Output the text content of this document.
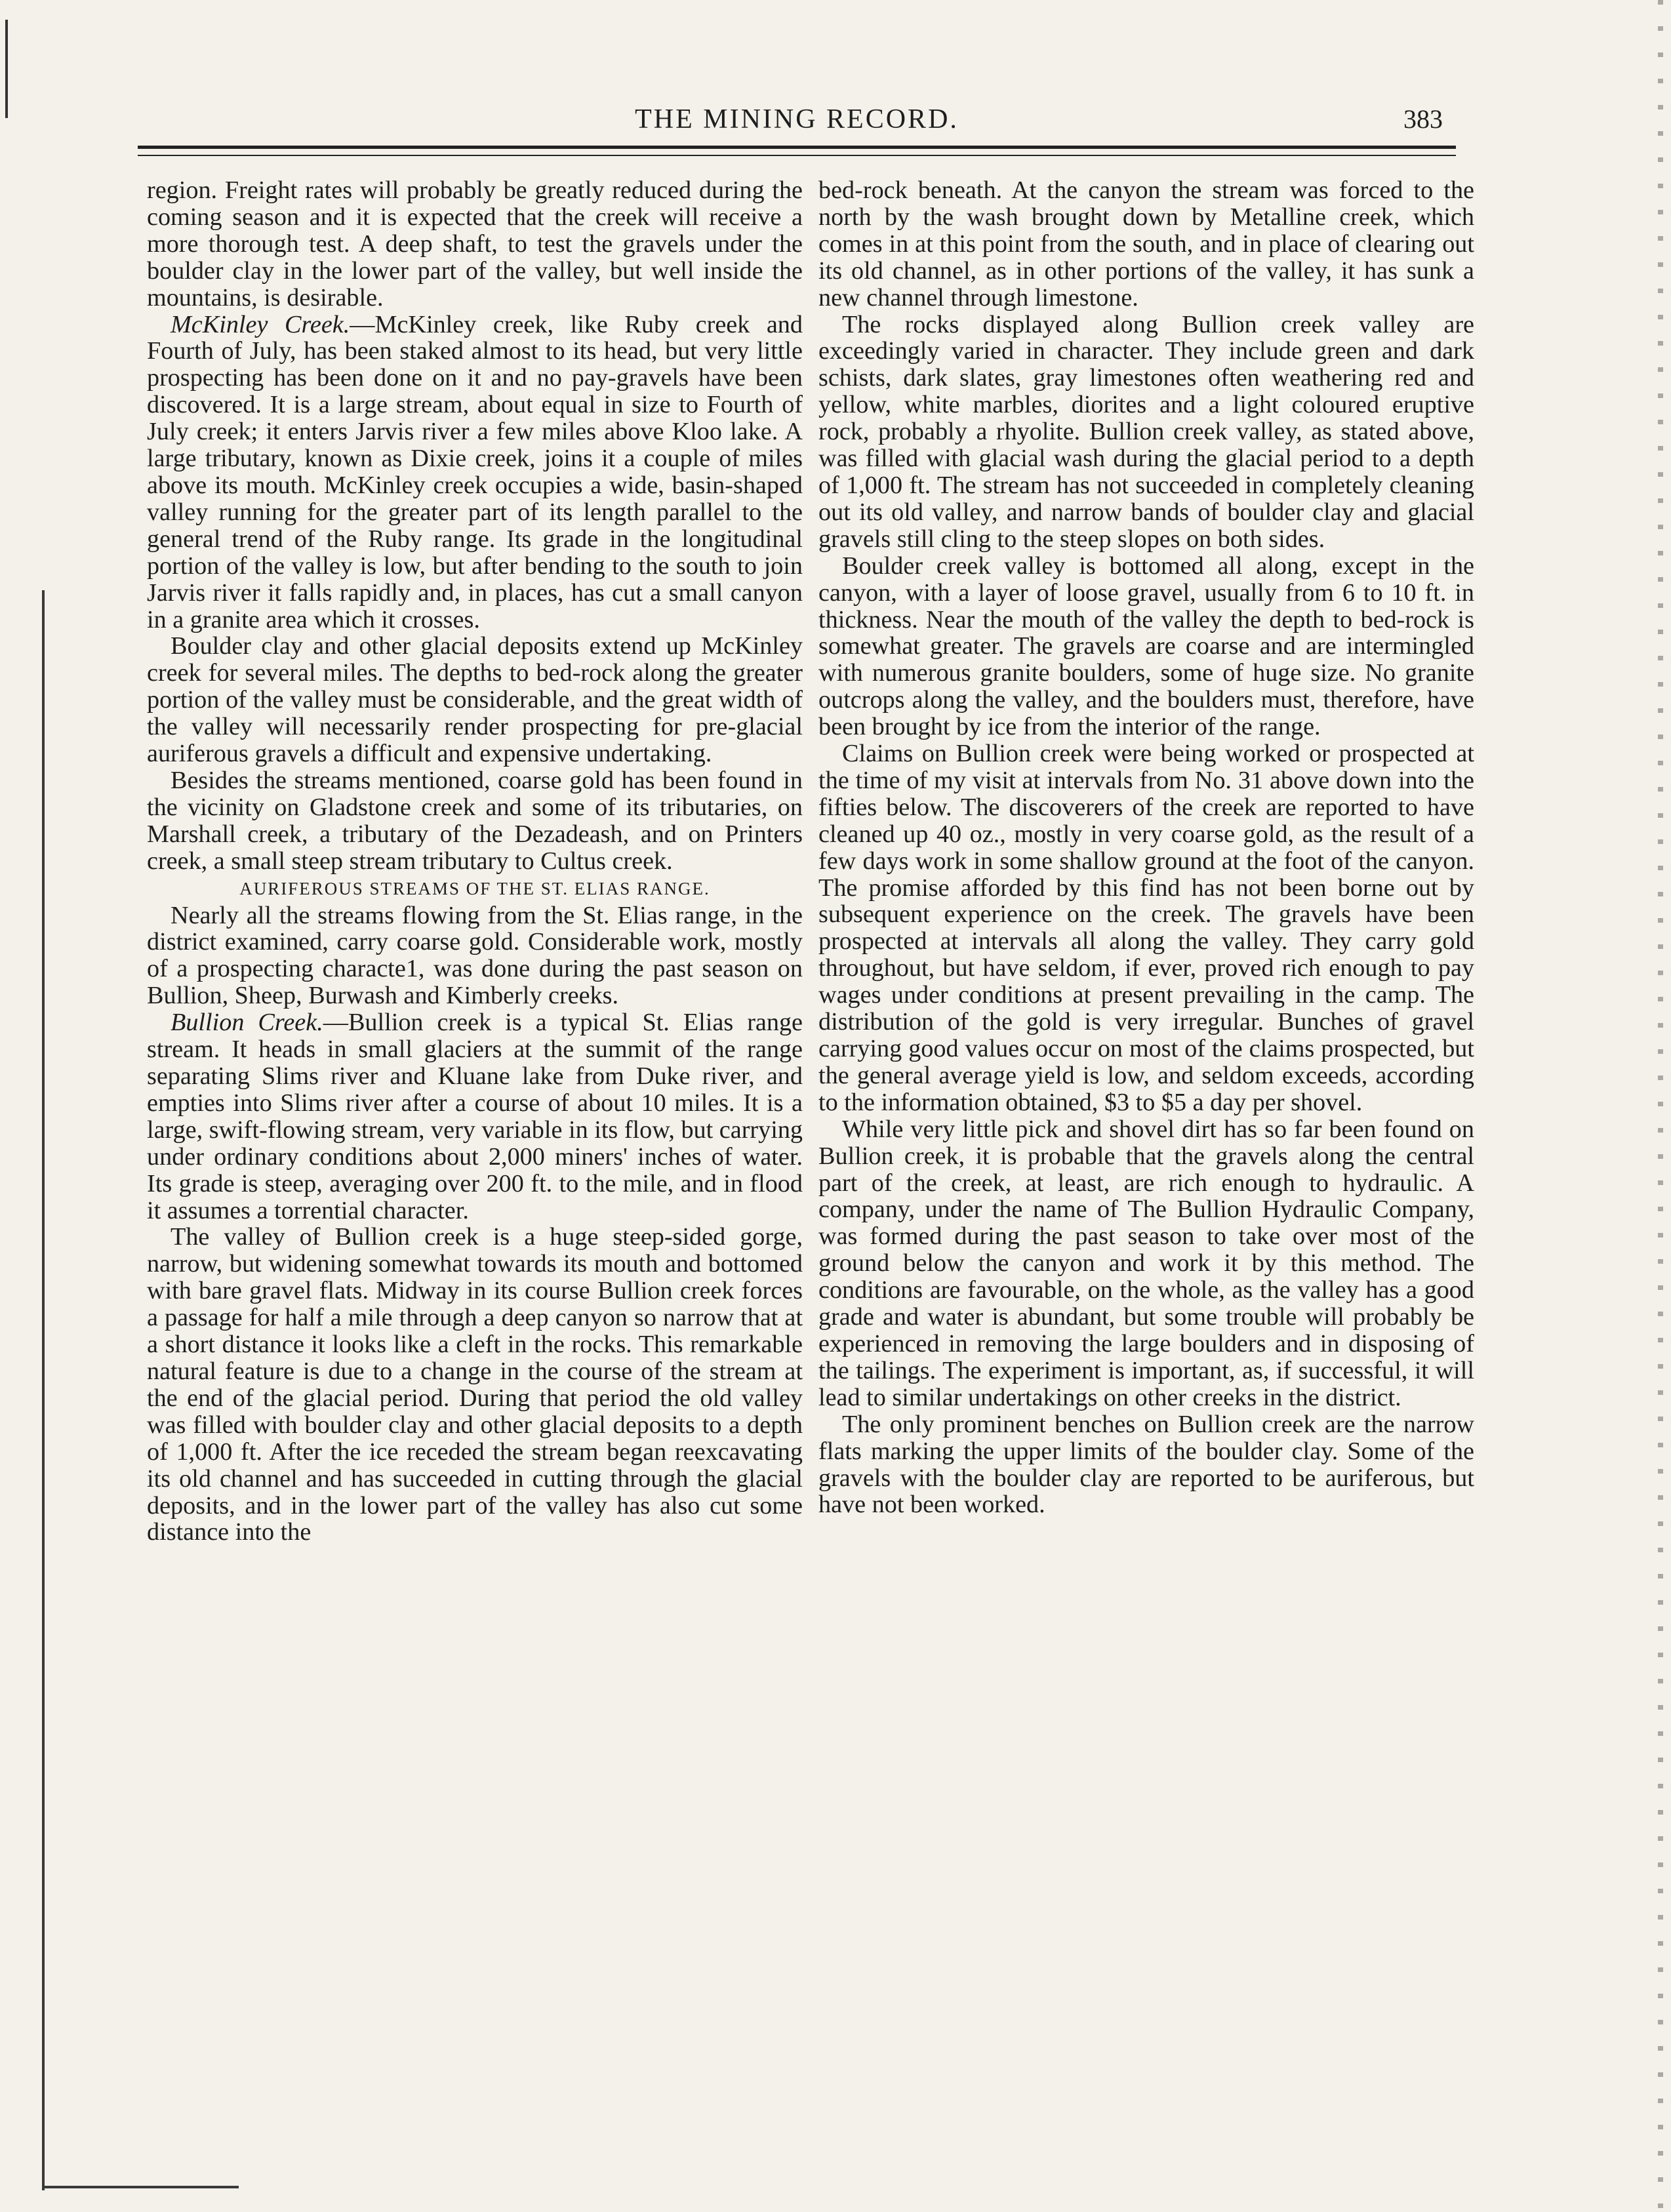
THE MINING RECORD.	383

region. Freight rates will probably be greatly reduced during the coming season and it is expected that the creek will receive a more thorough test. A deep shaft, to test the gravels under the boulder clay in the lower part of the valley, but well inside the mountains, is desirable.

McKinley Creek.—McKinley creek, like Ruby creek and Fourth of July, has been staked almost to its head, but very little prospecting has been done on it and no pay-gravels have been discovered. It is a large stream, about equal in size to Fourth of July creek; it enters Jarvis river a few miles above Kloo lake. A large tributary, known as Dixie creek, joins it a couple of miles above its mouth. McKinley creek occupies a wide, basin-shaped valley running for the greater part of its length parallel to the general trend of the Ruby range. Its grade in the longitudinal portion of the valley is low, but after bending to the south to join Jarvis river it falls rapidly and, in places, has cut a small canyon in a granite area which it crosses.

Boulder clay and other glacial deposits extend up McKinley creek for several miles. The depths to bed-rock along the greater portion of the valley must be considerable, and the great width of the valley will necessarily render prospecting for pre-glacial auriferous gravels a difficult and expensive undertaking.

Besides the streams mentioned, coarse gold has been found in the vicinity on Gladstone creek and some of its tributaries, on Marshall creek, a tributary of the Dezadeash, and on Printers creek, a small steep stream tributary to Cultus creek.

AURIFEROUS STREAMS OF THE ST. ELIAS RANGE.

Nearly all the streams flowing from the St. Elias range, in the district examined, carry coarse gold. Considerable work, mostly of a prospecting characte1, was done during the past season on Bullion, Sheep, Burwash and Kimberly creeks.

Bullion Creek.—Bullion creek is a typical St. Elias range stream. It heads in small glaciers at the summit of the range separating Slims river and Kluane lake from Duke river, and empties into Slims river after a course of about 10 miles. It is a large, swift-flowing stream, very variable in its flow, but carrying under ordinary conditions about 2,000 miners' inches of water. Its grade is steep, averaging over 200 ft. to the mile, and in flood it assumes a torrential character.

The valley of Bullion creek is a huge steep-sided gorge, narrow, but widening somewhat towards its mouth and bottomed with bare gravel flats. Midway in its course Bullion creek forces a passage for half a mile through a deep canyon so narrow that at a short distance it looks like a cleft in the rocks. This remarkable natural feature is due to a change in the course of the stream at the end of the glacial period. During that period the old valley was filled with boulder clay and other glacial deposits to a depth of 1,000 ft. After the ice receded the stream began reexcavating its old channel and has succeeded in cutting through the glacial deposits, and in the lower part of the valley has also cut some distance into the

bed-rock beneath. At the canyon the stream was forced to the north by the wash brought down by Metalline creek, which comes in at this point from the south, and in place of clearing out its old channel, as in other portions of the valley, it has sunk a new channel through limestone.

The rocks displayed along Bullion creek valley are exceedingly varied in character. They include green and dark schists, dark slates, gray limestones often weathering red and yellow, white marbles, diorites and a light coloured eruptive rock, probably a rhyolite. Bullion creek valley, as stated above, was filled with glacial wash during the glacial period to a depth of 1,000 ft. The stream has not succeeded in completely cleaning out its old valley, and narrow bands of boulder clay and glacial gravels still cling to the steep slopes on both sides.

Boulder creek valley is bottomed all along, except in the canyon, with a layer of loose gravel, usually from 6 to 10 ft. in thickness. Near the mouth of the valley the depth to bed-rock is somewhat greater. The gravels are coarse and are intermingled with numerous granite boulders, some of huge size. No granite outcrops along the valley, and the boulders must, therefore, have been brought by ice from the interior of the range.

Claims on Bullion creek were being worked or prospected at the time of my visit at intervals from No. 31 above down into the fifties below. The discoverers of the creek are reported to have cleaned up 40 oz., mostly in very coarse gold, as the result of a few days work in some shallow ground at the foot of the canyon. The promise afforded by this find has not been borne out by subsequent experience on the creek. The gravels have been prospected at intervals all along the valley. They carry gold throughout, but have seldom, if ever, proved rich enough to pay wages under conditions at present prevailing in the camp. The distribution of the gold is very irregular. Bunches of gravel carrying good values occur on most of the claims prospected, but the general average yield is low, and seldom exceeds, according to the information obtained, $3 to $5 a day per shovel.

While very little pick and shovel dirt has so far been found on Bullion creek, it is probable that the gravels along the central part of the creek, at least, are rich enough to hydraulic. A company, under the name of The Bullion Hydraulic Company, was formed during the past season to take over most of the ground below the canyon and work it by this method. The conditions are favourable, on the whole, as the valley has a good grade and water is abundant, but some trouble will probably be experienced in removing the large boulders and in disposing of the tailings. The experiment is important, as, if successful, it will lead to similar undertakings on other creeks in the district.

The only prominent benches on Bullion creek are the narrow flats marking the upper limits of the boulder clay. Some of the gravels with the boulder clay are reported to be auriferous, but have not been worked.
